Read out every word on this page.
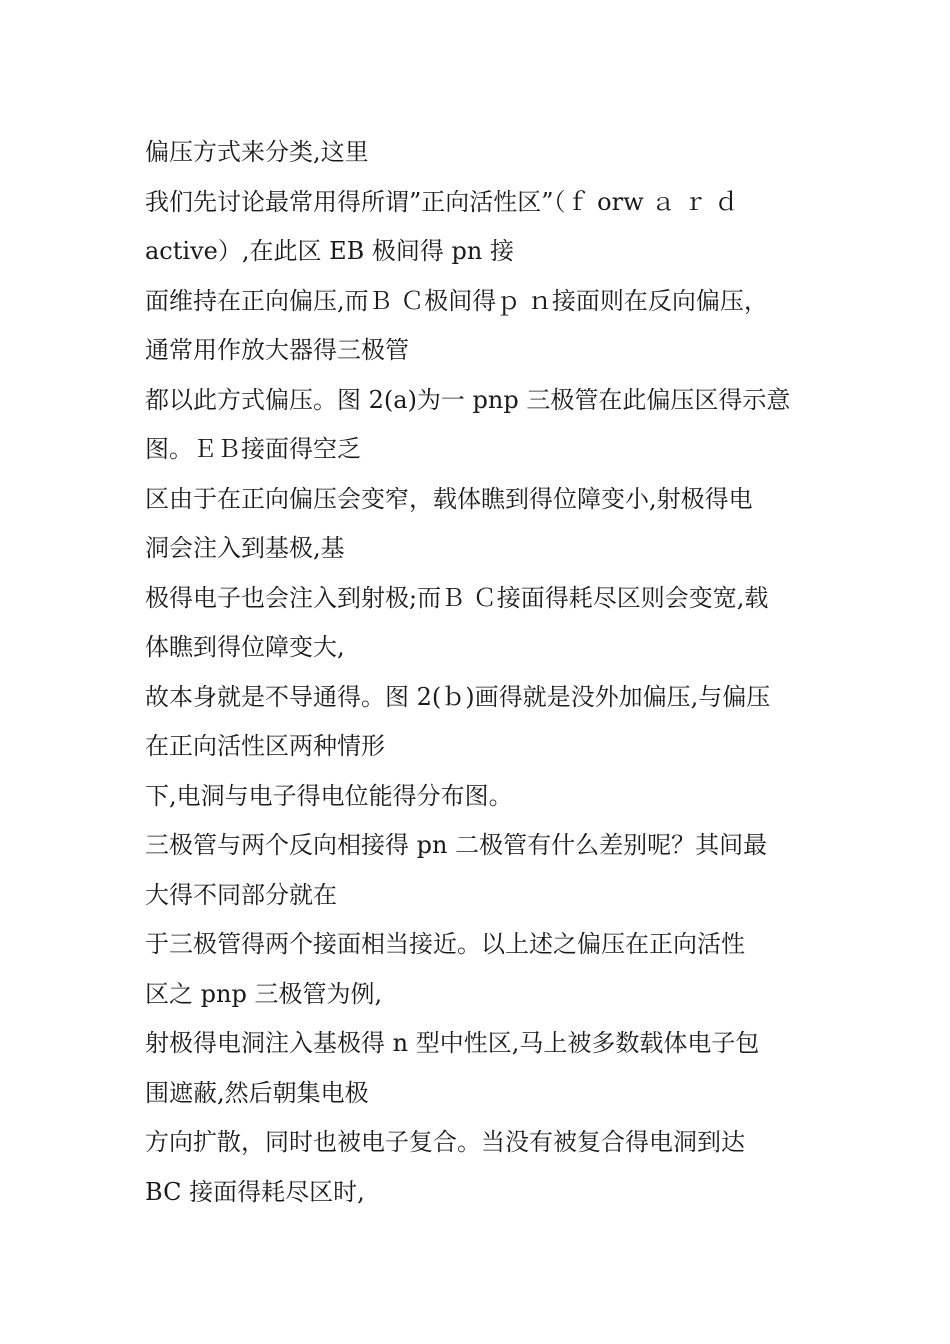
偏压方式来分类,这里
我们先讨论最常用得所谓”正向活性区”（ｆ orw ａ ｒ ｄ
active）,在此区 EB 极间得 pn 接
面维持在正向偏压,而Ｂ Ｃ极间得ｐ ｎ接面则在反向偏压，
通常用作放大器得三极管
都以此方式偏压。图 2(a)为一 pnp 三极管在此偏压区得示意
图。ＥＢ接面得空乏
区由于在正向偏压会变窄，载体瞧到得位障变小,射极得电
洞会注入到基极,基
极得电子也会注入到射极;而Ｂ Ｃ接面得耗尽区则会变宽,载
体瞧到得位障变大,
故本身就是不导通得。图 2(ｂ)画得就是没外加偏压,与偏压
在正向活性区两种情形
下,电洞与电子得电位能得分布图。
三极管与两个反向相接得 pn 二极管有什么差别呢？其间最
大得不同部分就在
于三极管得两个接面相当接近。以上述之偏压在正向活性
区之 pnp 三极管为例,
射极得电洞注入基极得 n 型中性区,马上被多数载体电子包
围遮蔽,然后朝集电极
方向扩散，同时也被电子复合。当没有被复合得电洞到达
BC 接面得耗尽区时,
